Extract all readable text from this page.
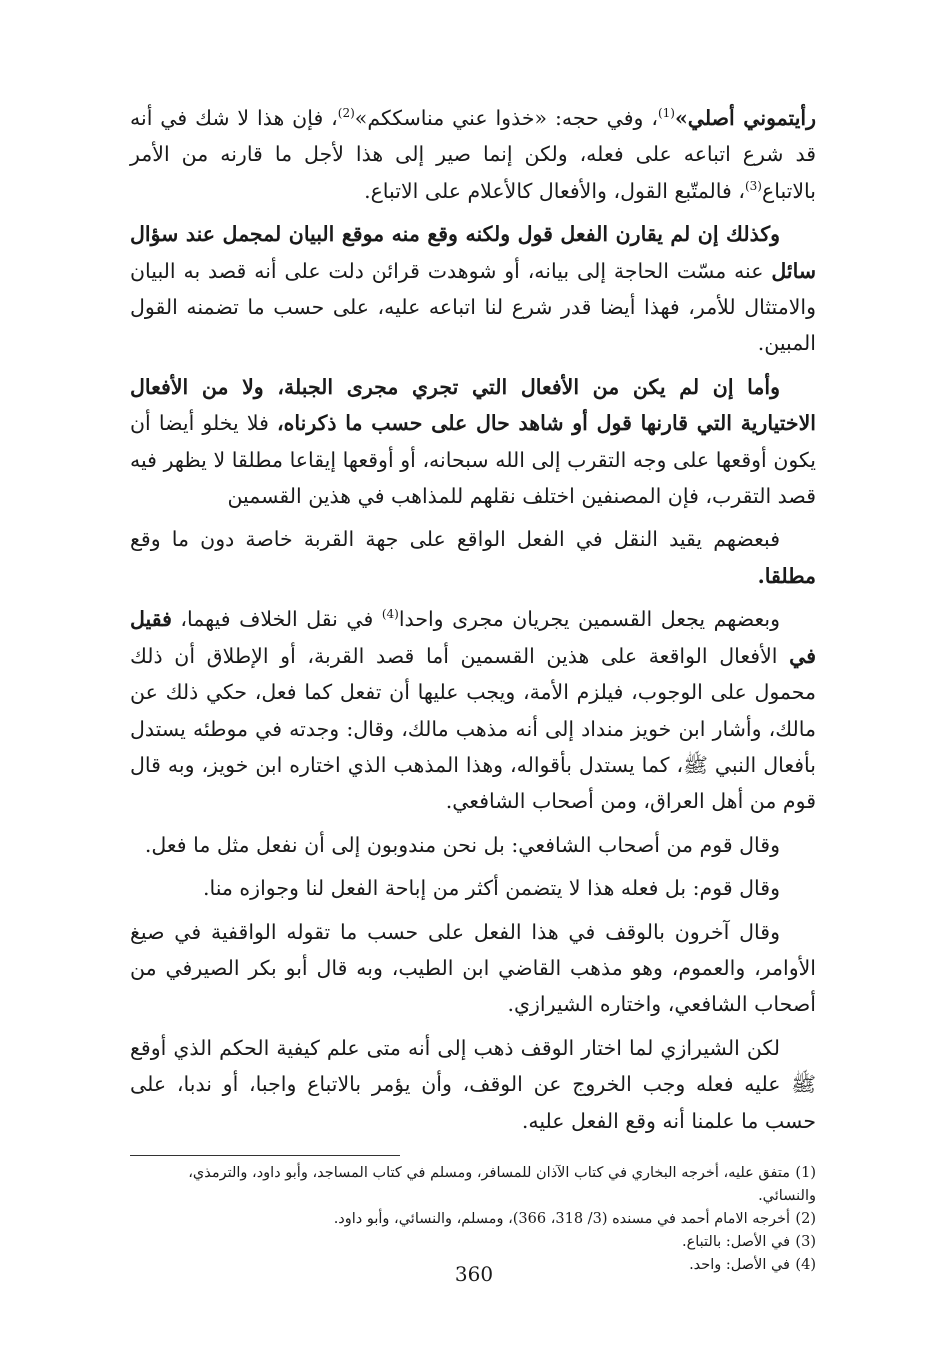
رأيتموني أصلي»$^{(1)}$، وفي حجه: «خذوا عني مناسككم»$^{(2)}$، فإن هذا لا شك في أنه قد شرع اتباعه على فعله، ولكن إنما صير إلى هذا لأجل ما قارنه من الأمر بالاتباع$^{(3)}$، فالمتّبع القول، والأفعال كالأعلام على الاتباع.

وكذلك إن لم يقارن الفعل قول ولكنه وقع منه موقع البيان لمجمل عند سؤال سائل عنه مسّت الحاجة إلى بيانه، أو شوهدت قرائن دلت على أنه قصد به البيان والامتثال للأمر، فهذا أيضا قدر شرع لنا اتباعه عليه، على حسب ما تضمنه القول المبين.

وأما إن لم يكن من الأفعال التي تجري مجرى الجبلة، ولا من الأفعال الاختيارية التي قارنها قول أو شاهد حال على حسب ما ذكرناه، فلا يخلو أيضا أن يكون أوقعها على وجه التقرب إلى الله سبحانه، أو أوقعها إيقاعا مطلقا لا يظهر فيه قصد التقرب، فإن المصنفين اختلف نقلهم للمذاهب في هذين القسمين

فبعضهم يقيد النقل في الفعل الواقع على جهة القربة خاصة دون ما وقع مطلقا.

وبعضهم يجعل القسمين يجريان مجرى واحدا$^{(4)}$ في نقل الخلاف فيهما، فقيل في الأفعال الواقعة على هذين القسمين أما قصد القربة، أو الإطلاق أن ذلك محمول على الوجوب، فيلزم الأمة، ويجب عليها أن تفعل كما فعل، حكي ذلك عن مالك، وأشار ابن خويز منداد إلى أنه مذهب مالك، وقال: وجدته في موطئه يستدل بأفعال النبي ﷺ، كما يستدل بأقواله، وهذا المذهب الذي اختاره ابن خويز، وبه قال قوم من أهل العراق، ومن أصحاب الشافعي.

وقال قوم من أصحاب الشافعي: بل نحن مندوبون إلى أن نفعل مثل ما فعل.

وقال قوم: بل فعله هذا لا يتضمن أكثر من إباحة الفعل لنا وجوازه منا.

وقال آخرون بالوقف في هذا الفعل على حسب ما تقوله الواقفية في صيغ الأوامر، والعموم، وهو مذهب القاضي ابن الطيب، وبه قال أبو بكر الصيرفي من أصحاب الشافعي، واختاره الشيرازي.

لكن الشيرازي لما اختار الوقف ذهب إلى أنه متى علم كيفية الحكم الذي أوقع ﷺ عليه فعله وجب الخروج عن الوقف، وأن يؤمر بالاتباع واجبا، أو ندبا، على حسب ما علمنا أنه وقع الفعل عليه.

(1)متفق عليه، أخرجه البخاري في كتاب الآذان للمسافر، ومسلم في كتاب المساجد، وأبو داود، والترمذي، والنسائي.

(2)أخرجه الامام أحمد في مسنده (3/ 318، 366)، ومسلم، والنسائي، وأبو داود.

(3)في الأصل: بالتباع.

(4)في الأصل: واحد.

360
